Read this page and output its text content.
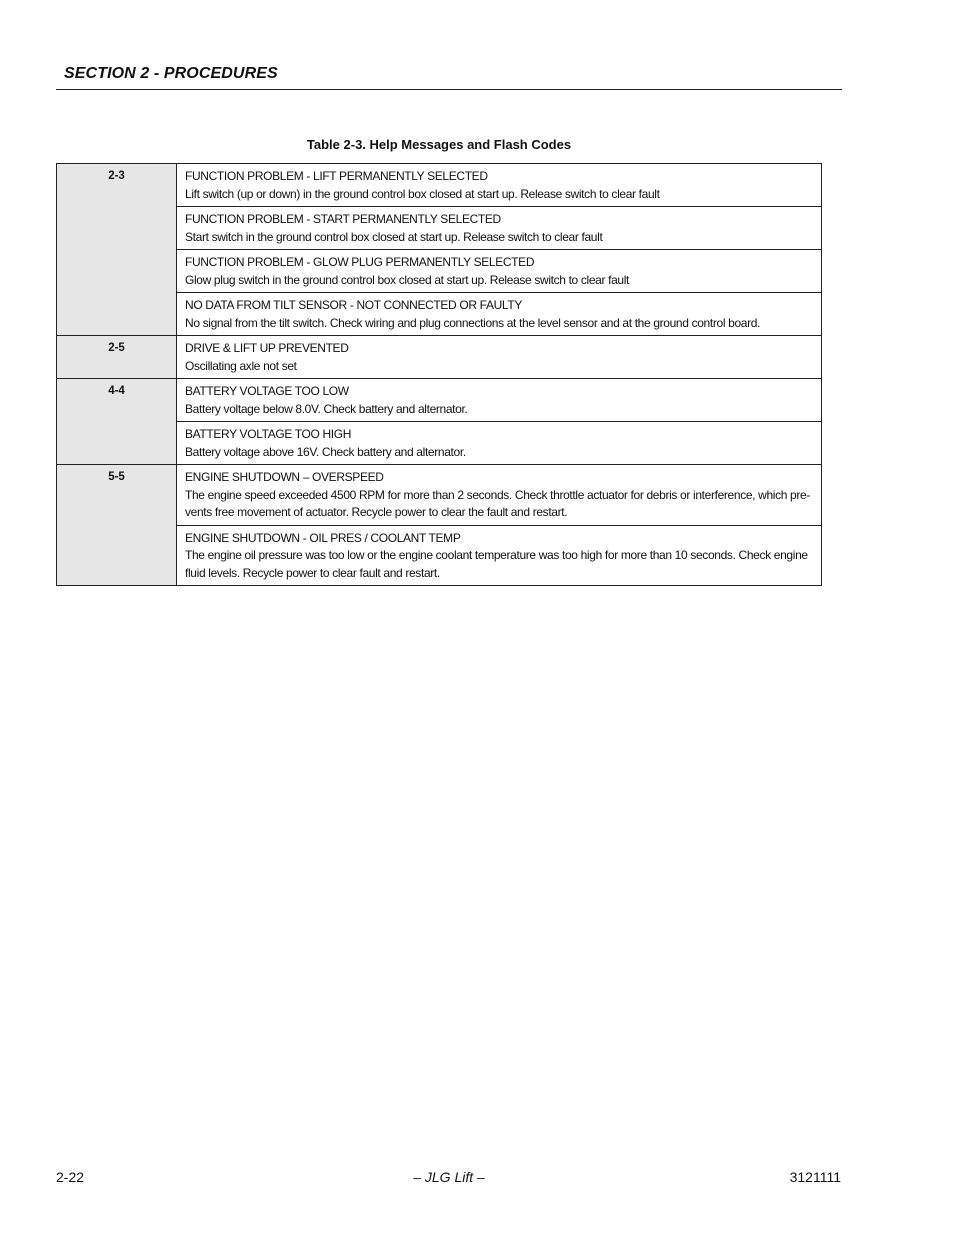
SECTION 2 - PROCEDURES
Table 2-3. Help Messages and Flash Codes
2-3	FUNCTION PROBLEM - LIFT PERMANENTLY SELECTED
Lift switch (up or down) in the ground control box closed at start up. Release switch to clear fault

	FUNCTION PROBLEM - START PERMANENTLY SELECTED
Start switch in the ground control box closed at start up. Release switch to clear fault

	FUNCTION PROBLEM - GLOW PLUG PERMANENTLY SELECTED
Glow plug switch in the ground control box closed at start up. Release switch to clear fault

	NO DATA FROM TILT SENSOR - NOT CONNECTED OR FAULTY
No signal from the tilt switch. Check wiring and plug connections at the level sensor and at the ground control board.

2-5	DRIVE & LIFT UP PREVENTED
Oscillating axle not set

4-4	BATTERY VOLTAGE TOO LOW
Battery voltage below 8.0V. Check battery and alternator.

	BATTERY VOLTAGE TOO HIGH
Battery voltage above 16V. Check battery and alternator.

5-5	ENGINE SHUTDOWN – OVERSPEED
The engine speed exceeded 4500 RPM for more than 2 seconds. Check throttle actuator for debris or interference, which pre-vents free movement of actuator. Recycle power to clear the fault and restart.

	ENGINE SHUTDOWN - OIL PRES / COOLANT TEMP
The engine oil pressure was too low or the engine coolant temperature was too high for more than 10 seconds. Check engine fluid levels. Recycle power to clear fault and restart.
2-22	– JLG Lift –	3121111
